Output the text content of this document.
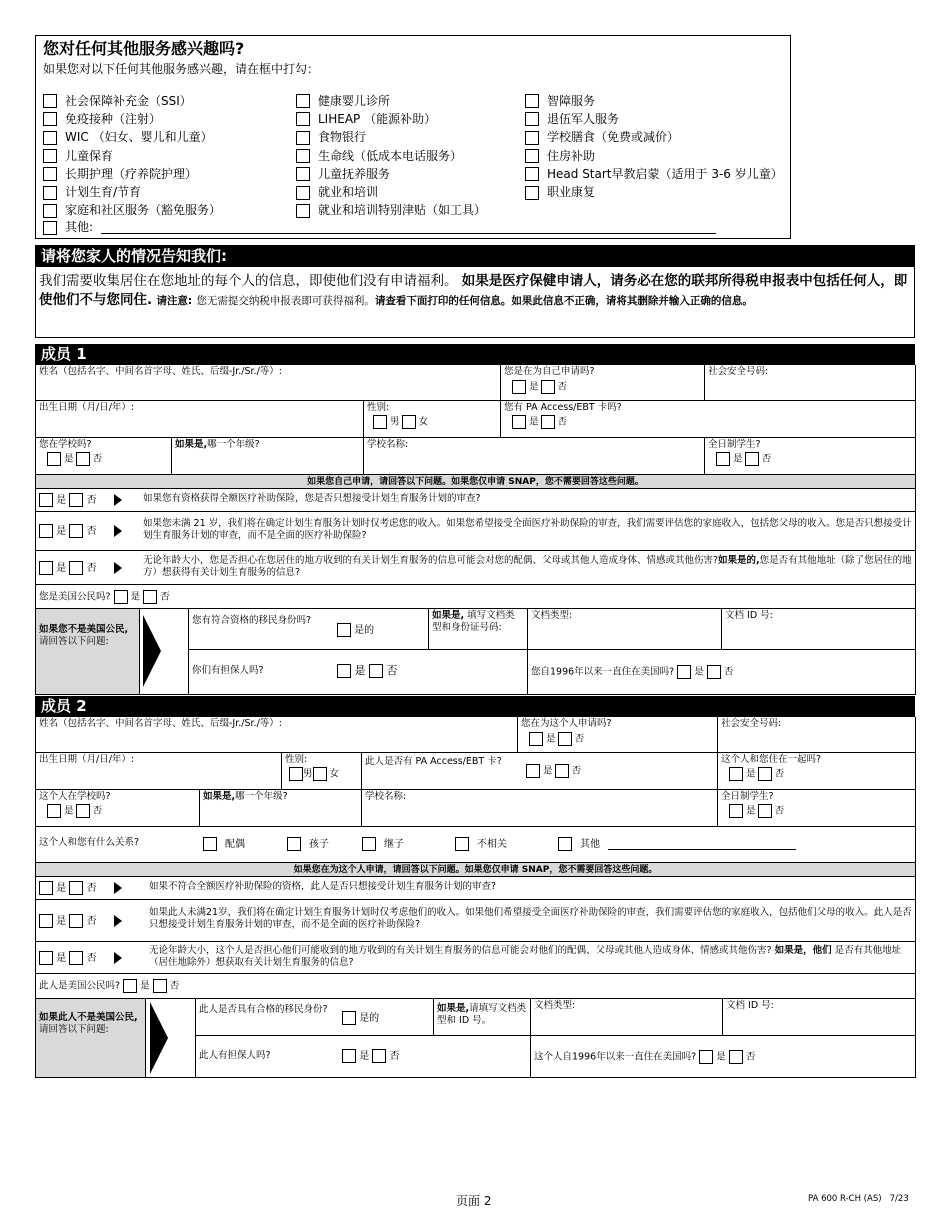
您对任何其他服务感兴趣吗?
如果您对以下任何其他服务感兴趣，请在框中打勾：
社会保障补充金（SSI）
免疫接种（注射）
WIC （妇女、婴儿和儿童）
儿童保育
长期护理（疗养院护理）
计划生育/节育
家庭和社区服务（豁免服务）
健康婴儿诊所
LIHEAP （能源补助）
食物银行
生命线（低成本电话服务）
儿童抚养服务
就业和培训
就业和培训特别津贴（如工具）
智障服务
退伍军人服务
学校膳食（免费或减价）
住房补助
Head Start早教启蒙（适用于 3-6 岁儿童）
职业康复
其他:
请将您家人的情况告知我们:
我们需要收集居住在您地址的每个人的信息，即使他们没有申请福利。 如果是医疗保健申请人，请务必在您的联邦所得税申报表中包括任何人，即使他们不与您同住. 请注意: 您无需提交纳税申报表即可获得福利。请查看下面打印的任何信息。如果此信息不正确，请将其删除并输入正确的信息。
成员 1
姓名（包括名字、中间名首字母、姓氏、后缀-Jr./Sr./等）:	您是在为自己申请吗?
是 否
社会安全号码:
出生日期（月/日/年）:	性别:
男 女
您有 PA Access/EBT 卡吗?
是 否
您在学校吗?
是 否
如果是,哪一个年级?	学校名称:	全日制学生?
是 否
如果您自己申请，请回答以下问题。如果您仅申请 SNAP，您不需要回答这些问题。
是 否	如果您有资格获得全额医疗补助保险，您是否只想接受计划生育服务计划的审查?
是 否
如果您未满 21 岁，我们将在确定计划生育服务计划时仅考虑您的收入。如果您希望接受全面医疗补助保险的审查，我们需要评估您的家庭收入，包括您父母的收入。您是否只想接受计划生育服务计划的审查，而不是全面的医疗补助保险?
是 否
无论年龄大小，您是否担心在您居住的地方收到的有关计划生育服务的信息可能会对您的配偶、父母或其他人造成身体、情感或其他伤害?如果是的,您是否有其他地址（除了您居住的地方）想获得有关计划生育服务的信息?
您是美国公民吗? 是 否
如果您不是美国公民,请回答以下问题:
您有符合资格的移民身份吗?
是的
如果是, 填写文档类型和身份证号码:
文档类型:	文档 ID 号:
你们有担保人吗?	是 否	您自1996年以来一直住在美国吗? 是 否
成员 2
姓名（包括名字、中间名首字母、姓氏、后缀-Jr./Sr./等）:	您在为这个人申请吗?
是 否
社会安全号码:
出生日期（月/日/年）:	性别:
男 女
此人是否有 PA Access/EBT 卡?
是 否
这个人和您住在一起吗?
是 否
这个人在学校吗?
是 否
如果是,哪一个年级?	学校名称:	全日制学生?
是 否
这个人和您有什么关系?	配偶	孩子	继子	不相关	其他
如果您在为这个人申请，请回答以下问题。如果您仅申请 SNAP，您不需要回答这些问题。
是 否	如果不符合全额医疗补助保险的资格，此人是否只想接受计划生育服务计划的审查?
是 否
如果此人未满21岁，我们将在确定计划生育服务计划时仅考虑他们的收入。如果他们希望接受全面医疗补助保险的审查，我们需要评估您的家庭收入，包括他们父母的收入。此人是否只想接受计划生育服务计划的审查，而不是全面的医疗补助保险?
是 否
无论年龄大小，这个人是否担心他们可能收到的地方收到的有关计划生育服务的信息可能会对他们的配偶、父母或其他人造成身体、情感或其他伤害? 如果是，他们 是否有其他地址（居住地除外）想获取有关计划生育服务的信息?
此人是美国公民吗? 是 否
如果此人不是美国公民,请回答以下问题:
此人是否具有合格的移民身份?
是的
如果是,请填写文档类型和 ID 号。
文档类型:	文档 ID 号:
此人有担保人吗?	是 否	这个人自1996年以来一直住在美国吗? 是 否
页面 2	PA 600 R-CH (AS)   7/23
